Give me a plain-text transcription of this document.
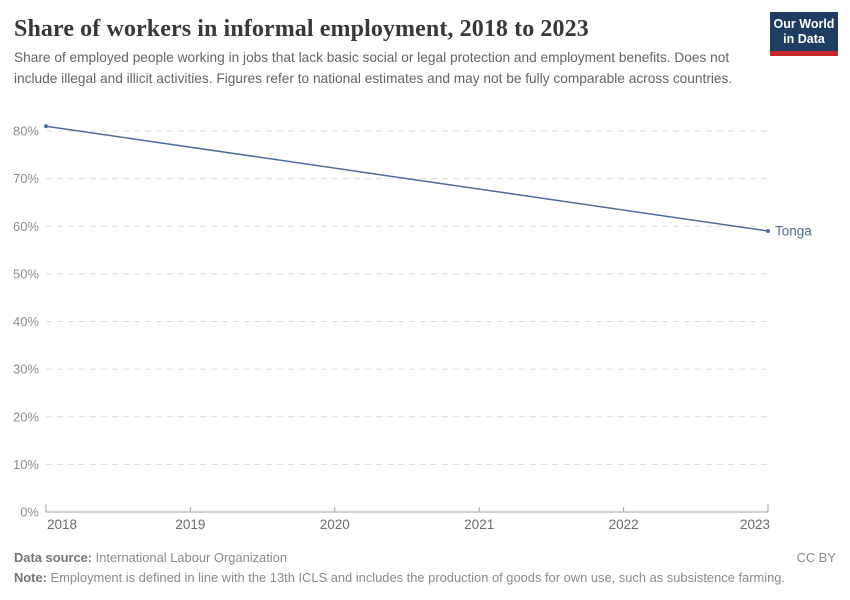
0%
10%
20%
30%
40%
50%
60%
70%
80%
2018	2019	2020	2021	2022	2023
Tonga
Share of workers in informal employment, 2018 to 2023	Our World
in Data

Share of employed people working in jobs that lack basic social or legal protection and employment benefits. Does not include illegal and illicit activities. Figures refer to national estimates and may not be fully comparable across countries.

Data source: International Labour Organization	CC BY
Note: Employment is defined in line with the 13th ICLS and includes the production of goods for own use, such as subsistence farming.
